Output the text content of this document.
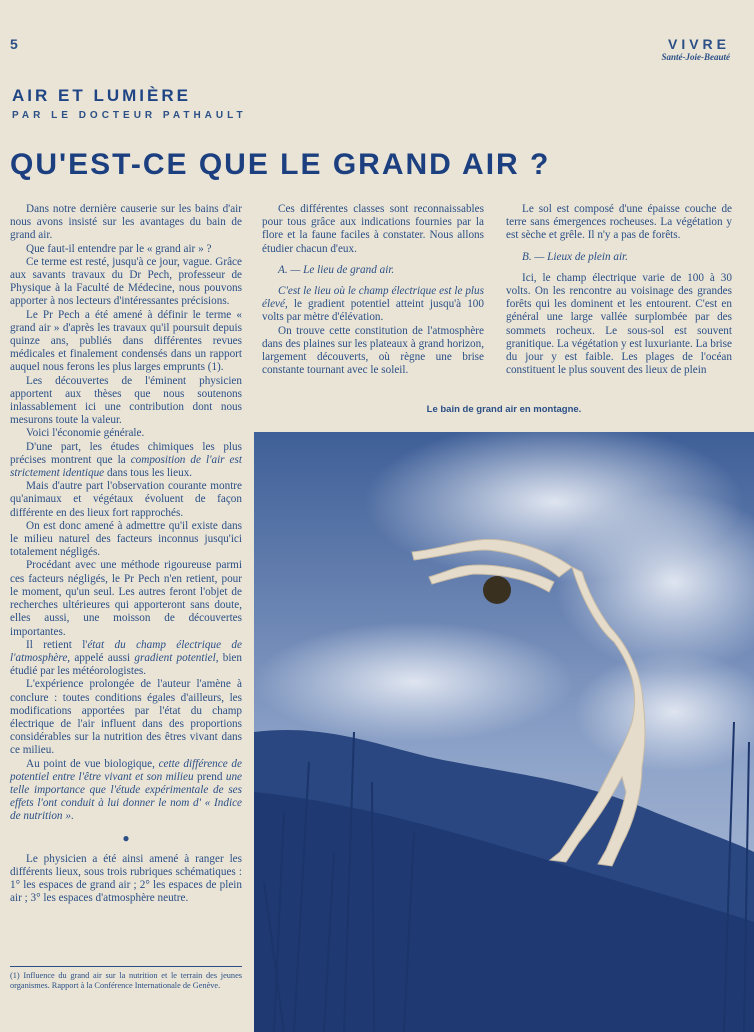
5	VIVRE
Santé-Joie-Beauté
AIR ET LUMIÈRE
PAR LE DOCTEUR PATHAULT
QU'EST-CE QUE LE GRAND AIR ?

Dans notre dernière causerie sur les bains d'air nous avons insisté sur les avantages du bain de grand air.

Que faut-il entendre par le « grand air » ?

Ce terme est resté, jusqu'à ce jour, vague. Grâce aux savants travaux du Dr Pech, professeur de Physique à la Faculté de Médecine, nous pouvons apporter à nos lecteurs d'intéressantes précisions.

Le Pr Pech a été amené à définir le terme « grand air » d'après les travaux qu'il poursuit depuis quinze ans, publiés dans différentes revues médicales et finalement condensés dans un rapport auquel nous ferons les plus larges emprunts (1).

Les découvertes de l'éminent physicien apportent aux thèses que nous soutenons inlassablement ici une contribution dont nous mesurons toute la valeur.

Voici l'économie générale.

D'une part, les études chimiques les plus précises montrent que la composition de l'air est strictement identique dans tous les lieux.

Mais d'autre part l'observation courante montre qu'animaux et végétaux évoluent de façon différente en des lieux fort rapprochés.

On est donc amené à admettre qu'il existe dans le milieu naturel des facteurs inconnus jusqu'ici totalement négligés.

Procédant avec une méthode rigoureuse parmi ces facteurs négligés, le Pr Pech n'en retient, pour le moment, qu'un seul. Les autres feront l'objet de recherches ultérieures qui apporteront sans doute, elles aussi, une moisson de découvertes importantes.

Il retient l'état du champ électrique de l'atmosphère, appelé aussi gradient potentiel, bien étudié par les météorologistes.

L'expérience prolongée de l'auteur l'amène à conclure : toutes conditions égales d'ailleurs, les modifications apportées par l'état du champ électrique de l'air influent dans des proportions considérables sur la nutrition des êtres vivant dans ce milieu.

Au point de vue biologique, cette différence de potentiel entre l'être vivant et son milieu prend une telle importance que l'étude expérimentale de ses effets l'ont conduit à lui donner le nom d' « Indice de nutrition ».

●

Le physicien a été ainsi amené à ranger les différents lieux, sous trois rubriques schématiques : 1° les espaces de grand air ; 2° les espaces de plein air ; 3° les espaces d'atmosphère neutre.

Ces différentes classes sont reconnaissables pour tous grâce aux indications fournies par la flore et la faune faciles à constater. Nous allons étudier chacun d'eux.

A. — Le lieu de grand air.

C'est le lieu où le champ électrique est le plus élevé, le gradient potentiel atteint jusqu'à 100 volts par mètre d'élévation.

On trouve cette constitution de l'atmosphère dans des plaines sur les plateaux à grand horizon, largement découverts, où règne une brise constante tournant avec le soleil.

Le sol est composé d'une épaisse couche de terre sans émergences rocheuses. La végétation y est sèche et grêle. Il n'y a pas de forêts.

B. — Lieux de plein air.

Ici, le champ électrique varie de 100 à 30 volts. On les rencontre au voisinage des grandes forêts qui les dominent et les entourent. C'est en général une large vallée surplombée par des sommets rocheux. Le sous-sol est souvent granitique. La végétation y est luxuriante. La brise du jour y est faible. Les plages de l'océan constituent le plus souvent des lieux de plein

Le bain de grand air en montagne.
(1) Influence du grand air sur la nutrition et le terrain des jeunes organismes. Rapport à la Conférence Internationale de Genève.
